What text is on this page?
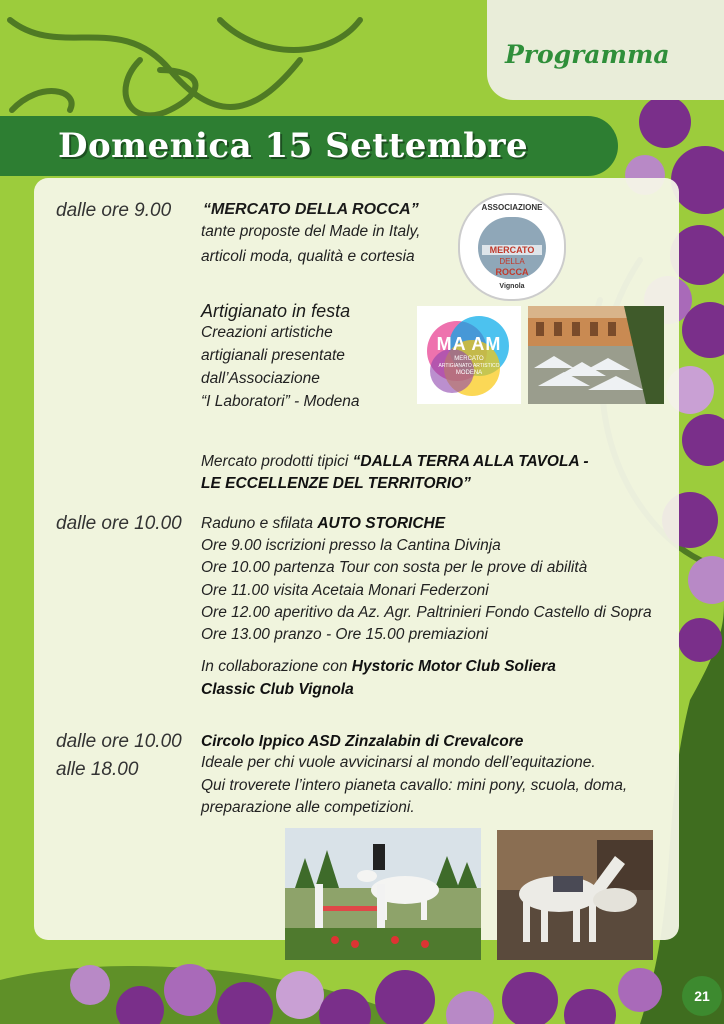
Programma
Domenica 15 Settembre
dalle ore 9.00 “MERCATO DELLA ROCCA”
tante proposte del Made in Italy,
articoli moda, qualità e cortesia
ASSOCIAZIONE
MERCATO
DELLA
ROCCA
Vignola
Artigianato in festa
Creazioni artistiche
artigianali presentate
dall’Associazione
“I Laboratori” - Modena
MA AM
MERCATO
ARTIGIANATO ARTISTICO
MODENA
Mercato prodotti tipici “DALLA TERRA ALLA TAVOLA -
LE ECCELLENZE DEL TERRITORIO”
dalle ore 10.00 Raduno e sfilata AUTO STORICHE
Ore 9.00 iscrizioni presso la Cantina Divinja
Ore 10.00 partenza Tour con sosta per le prove di abilità
Ore 11.00 visita Acetaia Monari Federzoni
Ore 12.00 aperitivo da Az. Agr. Paltrinieri Fondo Castello di Sopra
Ore 13.00 pranzo - Ore 15.00 premiazioni
In collaborazione con Hystoric Motor Club Soliera
Classic Club Vignola
dalle ore 10.00
alle 18.00
Circolo Ippico ASD Zinzalabin di Crevalcore
Ideale per chi vuole avvicinarsi al mondo dell’equitazione.
Qui troverete l’intero pianeta cavallo: mini pony, scuola, doma,
preparazione alle competizioni.
21
